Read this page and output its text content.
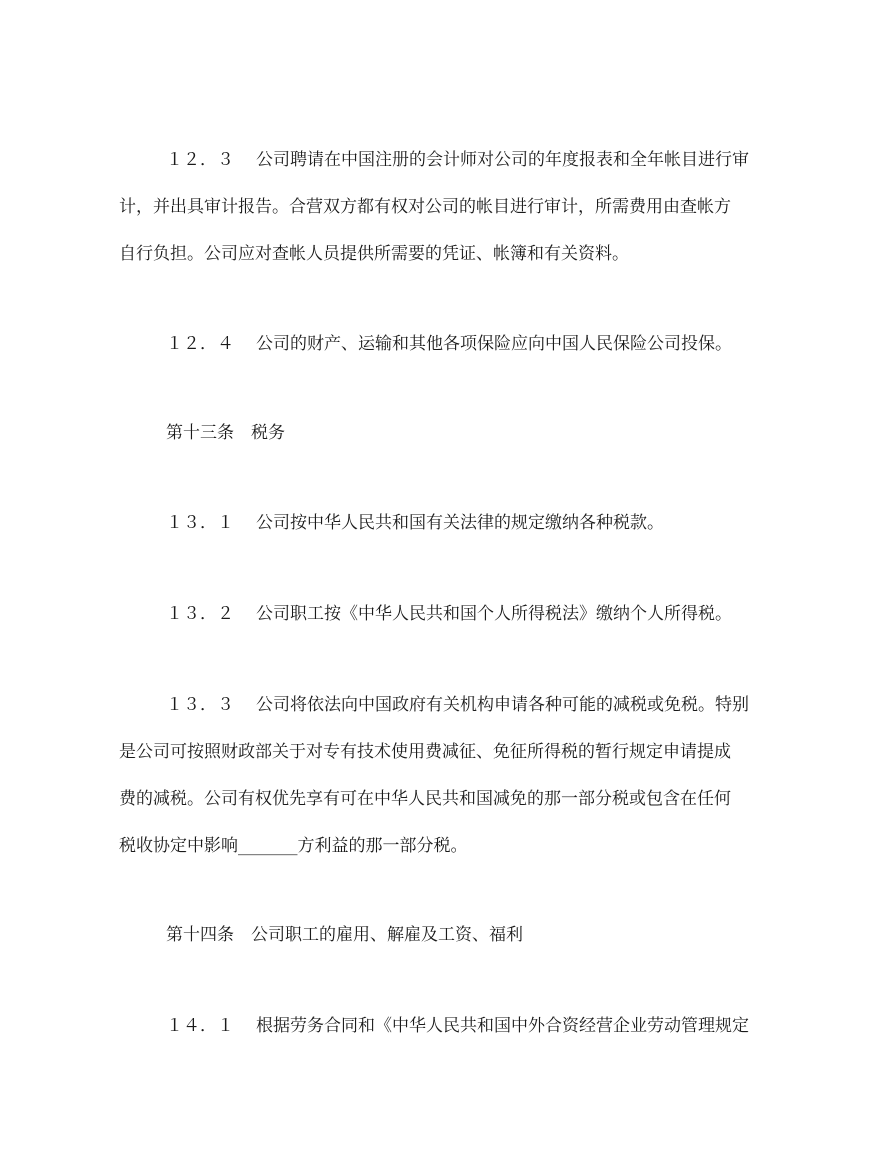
１２．３ 公司聘请在中国注册的会计师对公司的年度报表和全年帐目进行审
计，并出具审计报告。合营双方都有权对公司的帐目进行审计，所需费用由查帐方
自行负担。公司应对查帐人员提供所需要的凭证、帐簿和有关资料。
１２．４ 公司的财产、运输和其他各项保险应向中国人民保险公司投保。
第十三条 税务
１３．１ 公司按中华人民共和国有关法律的规定缴纳各种税款。
１３．２ 公司职工按《中华人民共和国个人所得税法》缴纳个人所得税。
１３．３ 公司将依法向中国政府有关机构申请各种可能的减税或免税。特别
是公司可按照财政部关于对专有技术使用费减征、免征所得税的暂行规定申请提成
费的减税。公司有权优先享有可在中华人民共和国减免的那一部分税或包含在任何
税收协定中影响_______方利益的那一部分税。
第十四条 公司职工的雇用、解雇及工资、福利
１４．１ 根据劳务合同和《中华人民共和国中外合资经营企业劳动管理规定
